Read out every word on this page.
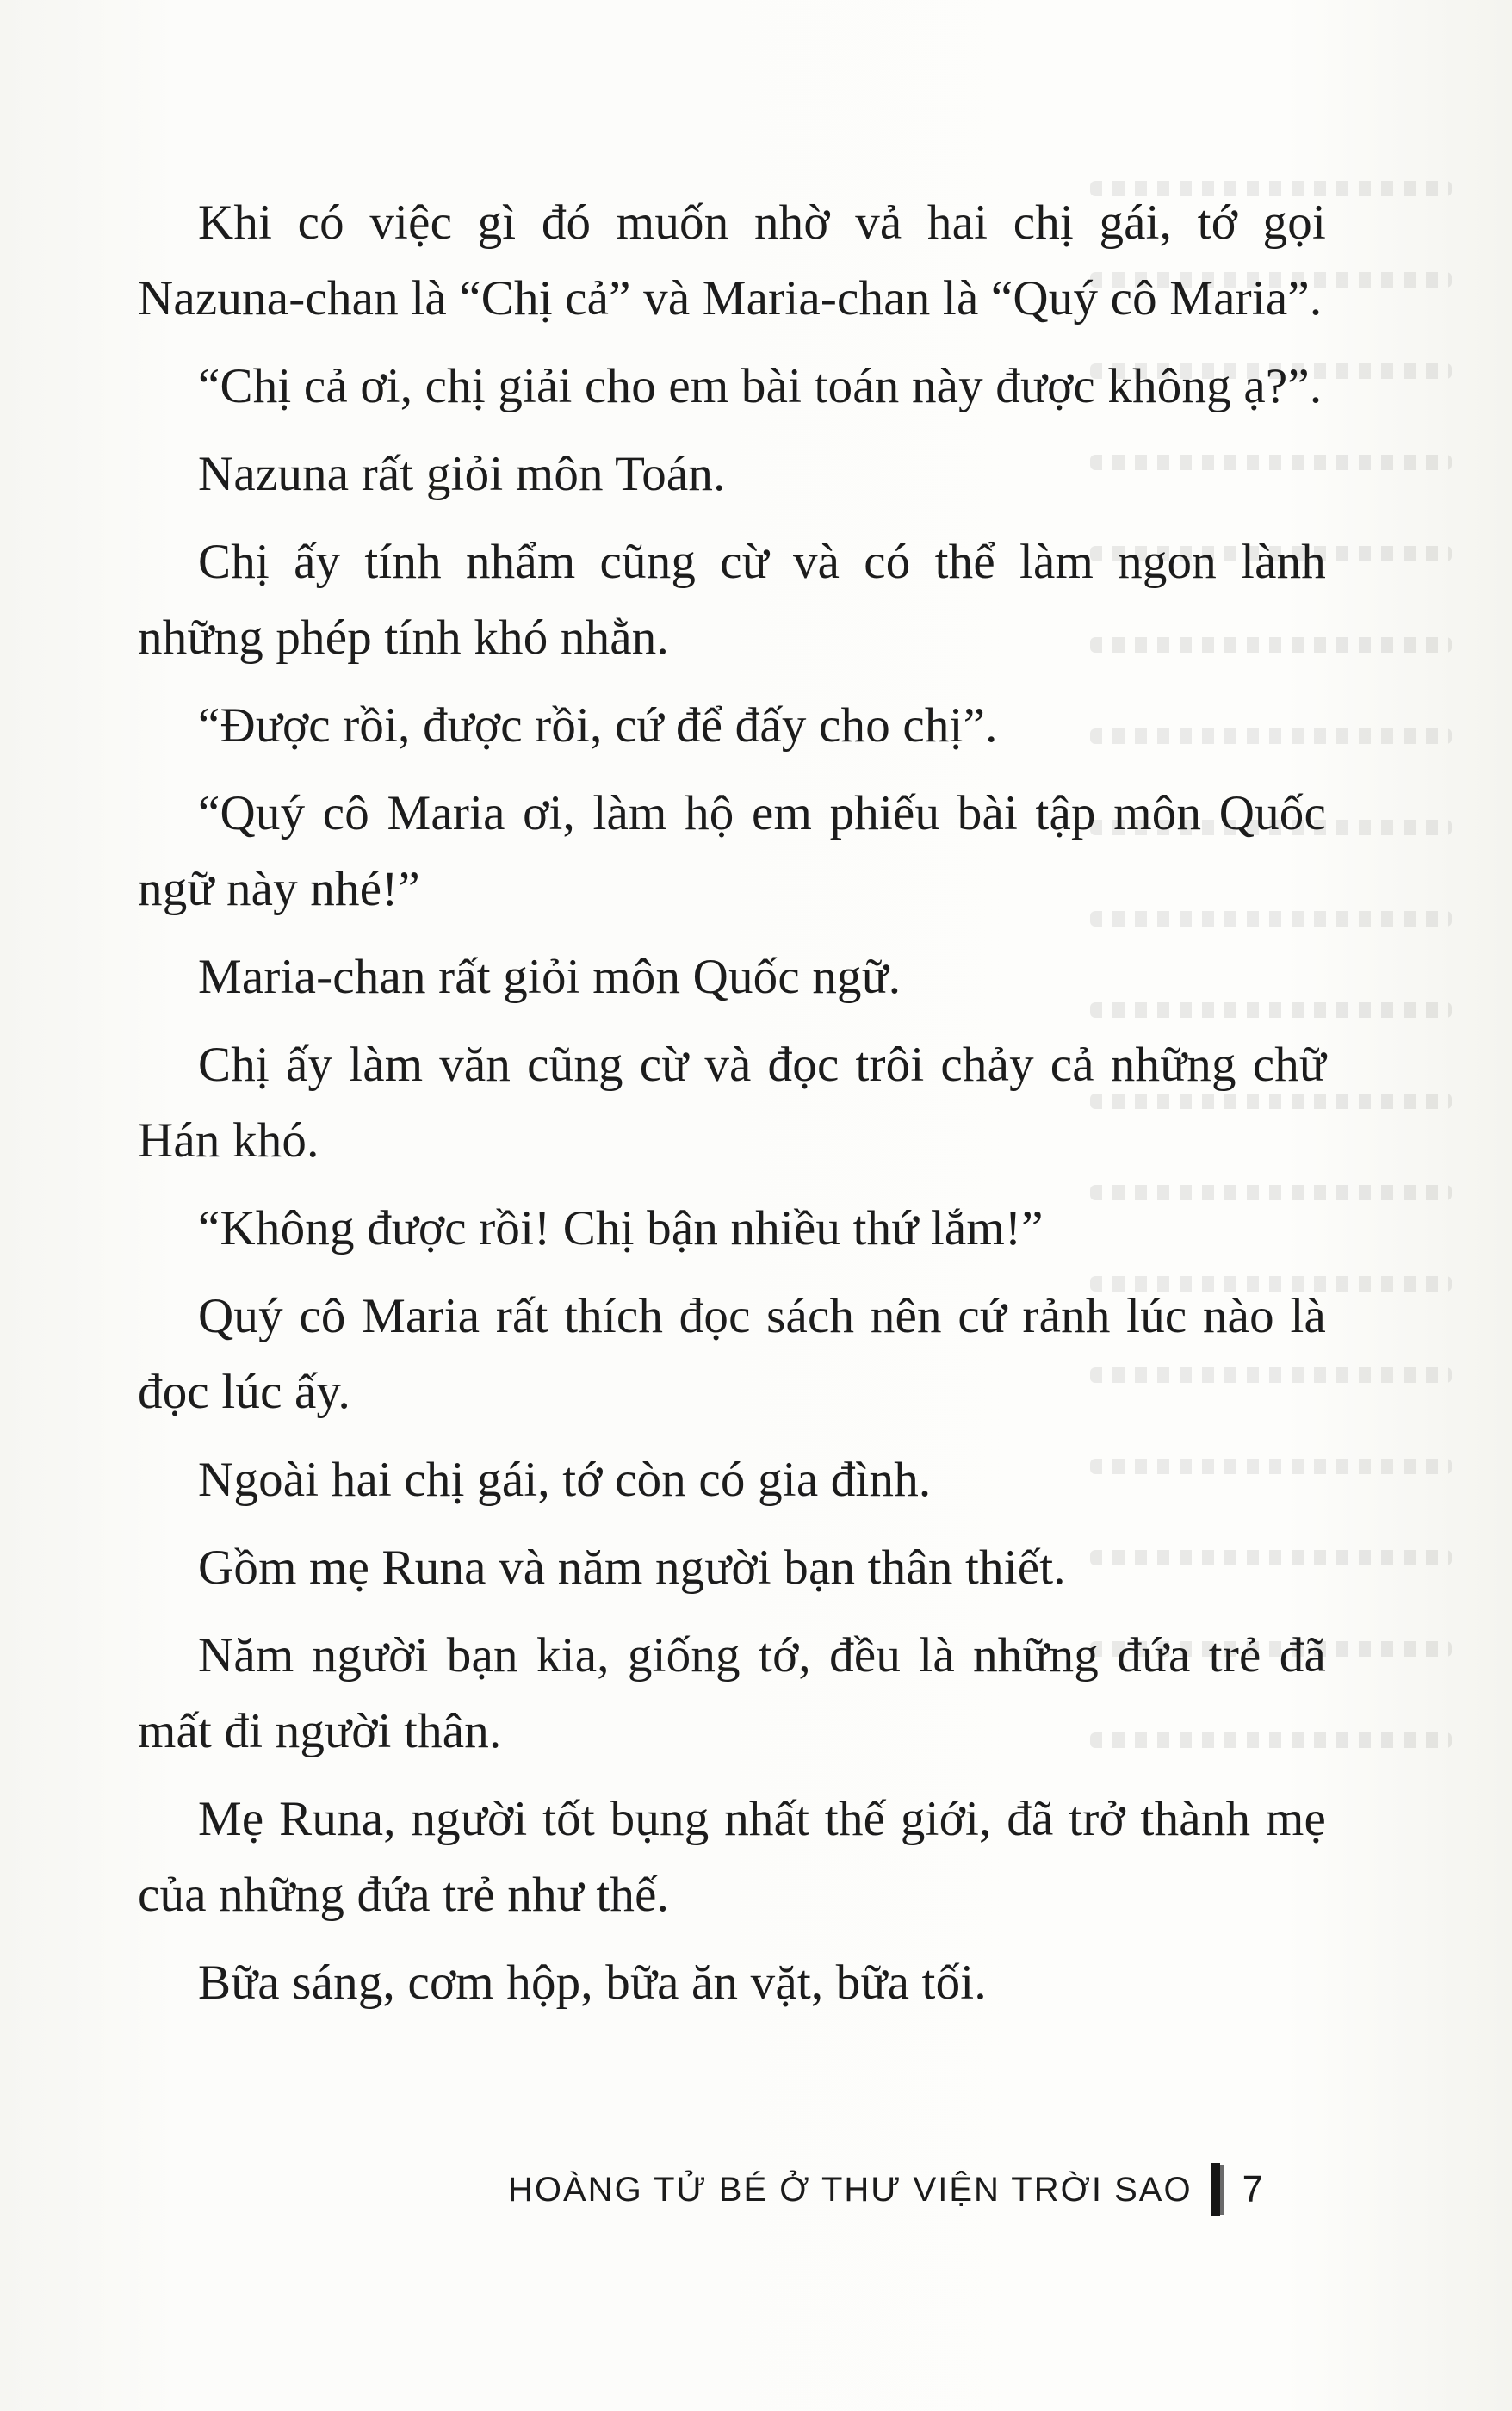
Khi có việc gì đó muốn nhờ vả hai chị gái, tớ gọi Nazuna-chan là “Chị cả” và Maria-chan là “Quý cô Maria”.

“Chị cả ơi, chị giải cho em bài toán này được không ạ?”.

Nazuna rất giỏi môn Toán.

Chị ấy tính nhẩm cũng cừ và có thể làm ngon lành những phép tính khó nhằn.

“Được rồi, được rồi, cứ để đấy cho chị”.

“Quý cô Maria ơi, làm hộ em phiếu bài tập môn Quốc ngữ này nhé!”

Maria-chan rất giỏi môn Quốc ngữ.

Chị ấy làm văn cũng cừ và đọc trôi chảy cả những chữ Hán khó.

“Không được rồi! Chị bận nhiều thứ lắm!”

Quý cô Maria rất thích đọc sách nên cứ rảnh lúc nào là đọc lúc ấy.

Ngoài hai chị gái, tớ còn có gia đình.

Gồm mẹ Runa và năm người bạn thân thiết.

Năm người bạn kia, giống tớ, đều là những đứa trẻ đã mất đi người thân.

Mẹ Runa, người tốt bụng nhất thế giới, đã trở thành mẹ của những đứa trẻ như thế.

Bữa sáng, cơm hộp, bữa ăn vặt, bữa tối.

HOÀNG TỬ BÉ Ở THƯ VIỆN TRỜI SAO 7
